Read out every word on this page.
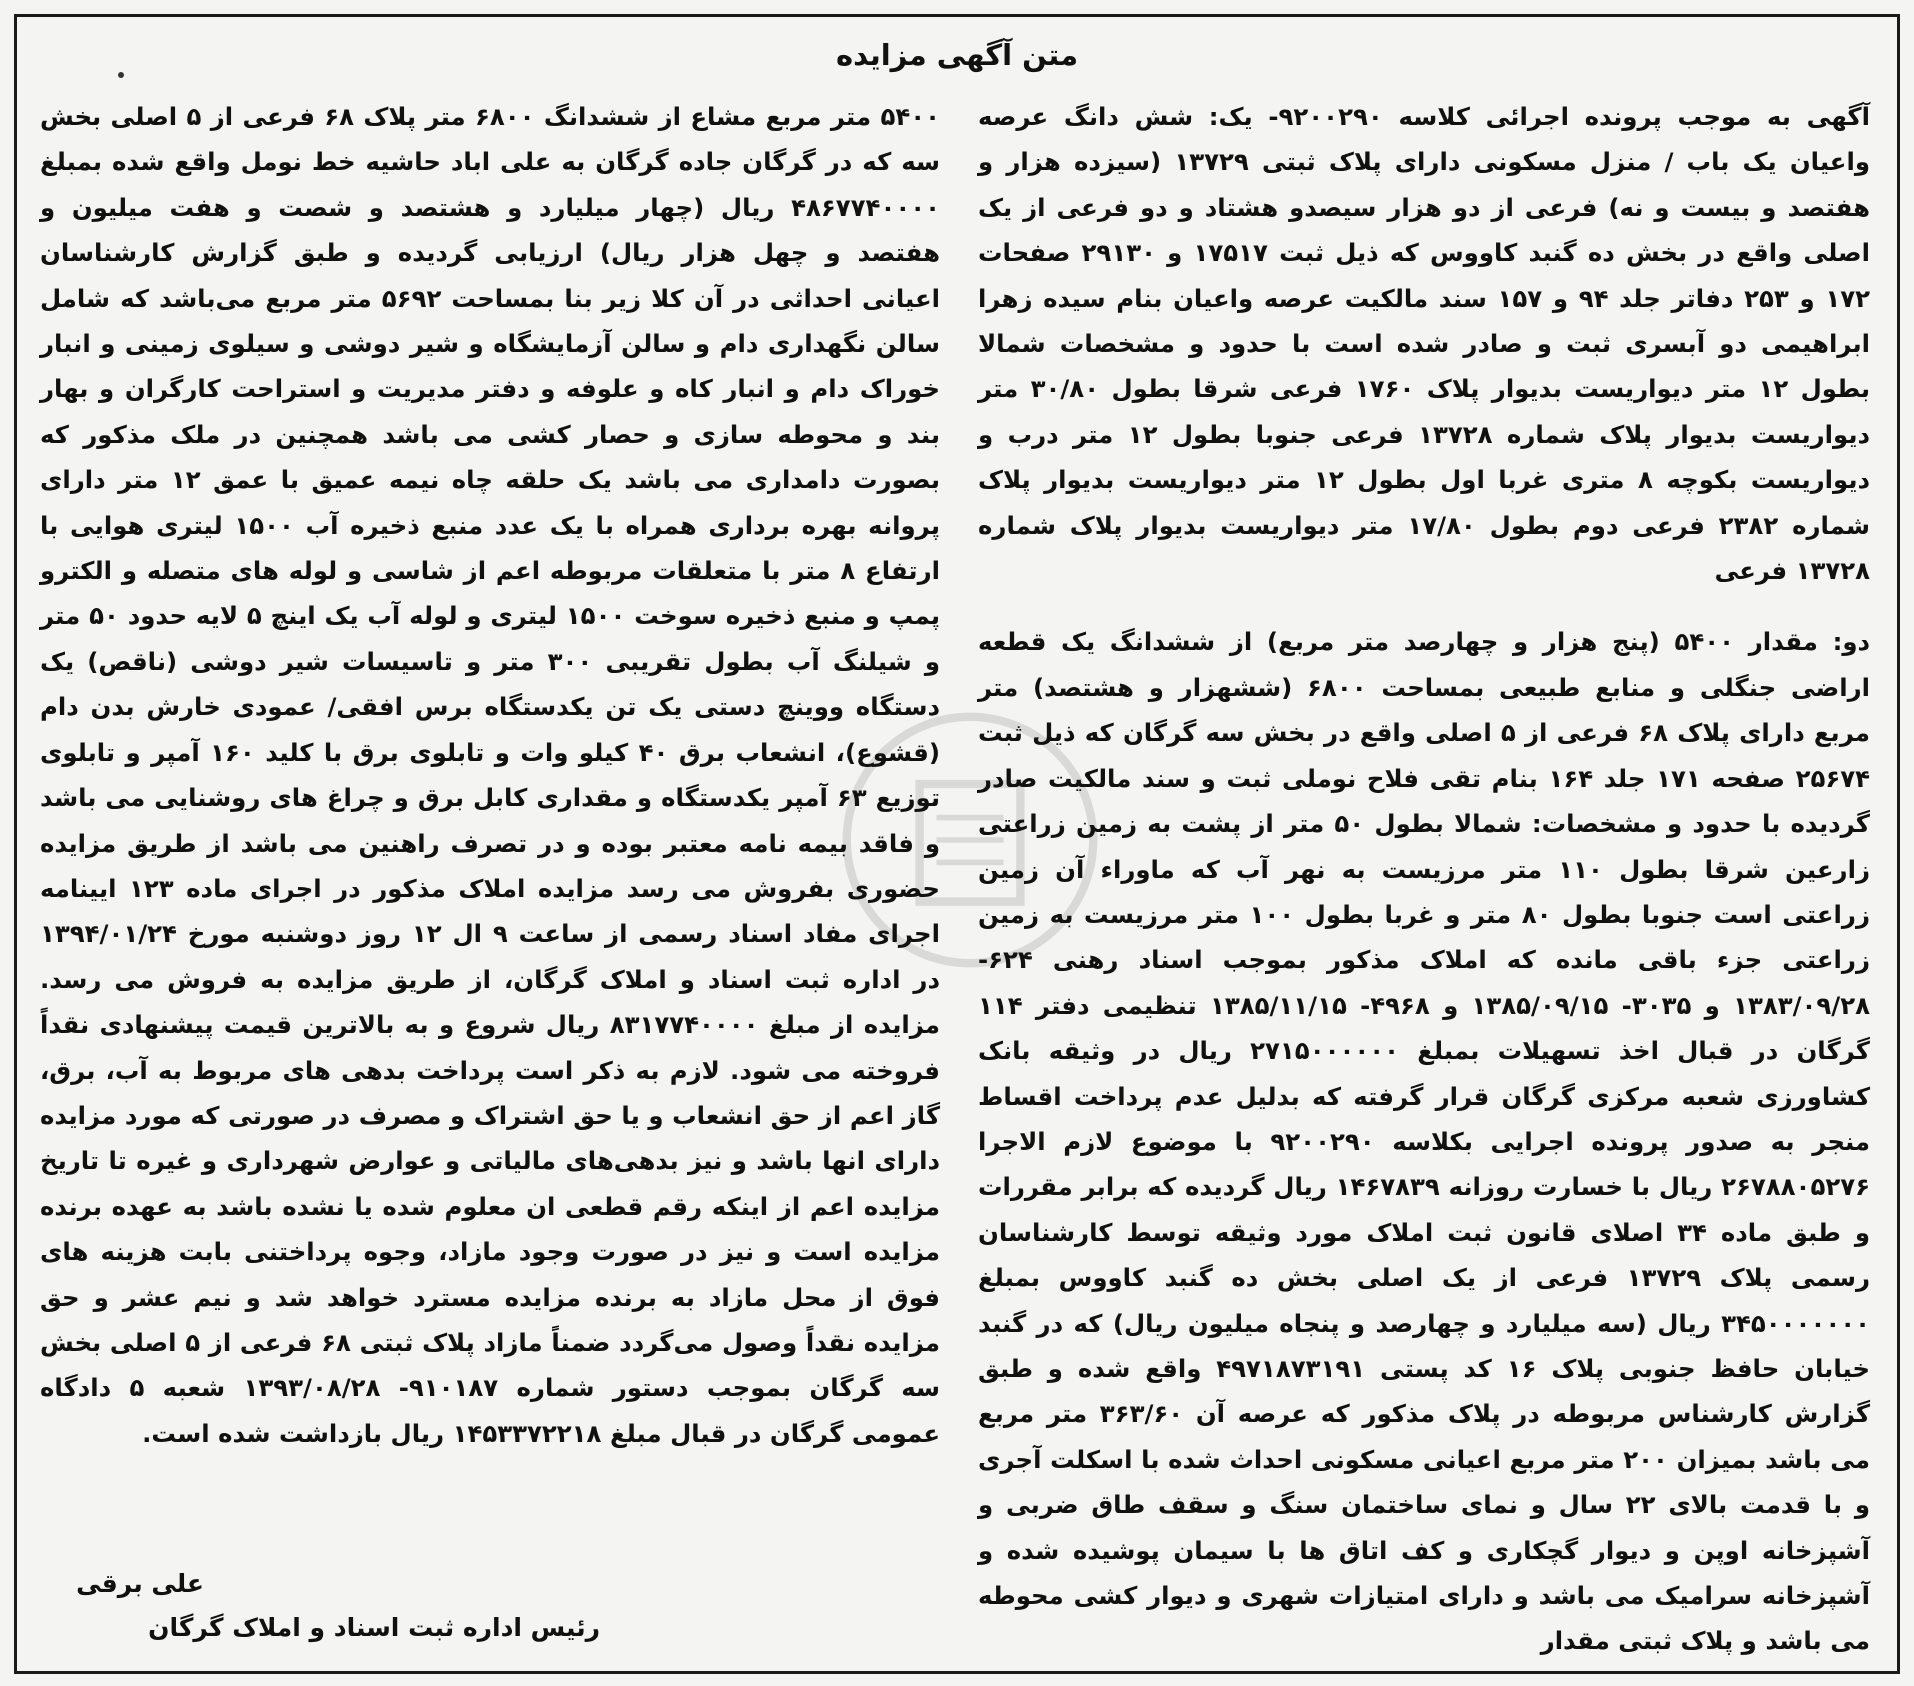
متن آگهی مزایده

آگهی به موجب پرونده اجرائی کلاسه ۹۲۰۰۲۹۰- یک: شش دانگ عرصه واعیان یک باب / منزل مسکونی دارای پلاک ثبتی ۱۳۷۲۹ (سیزده هزار و هفتصد و بیست و نه) فرعی از دو هزار سیصدو هشتاد و دو فرعی از یک اصلی واقع در بخش ده گنبد کاووس که ذیل ثبت ۱۷۵۱۷ و ۲۹۱۳۰ صفحات ۱۷۲ و ۲۵۳ دفاتر جلد ۹۴ و ۱۵۷ سند مالکیت عرصه واعیان بنام سیده زهرا ابراهیمی دو آبسری ثبت و صادر شده است با حدود و مشخصات شمالا بطول ۱۲ متر دیواریست بدیوار پلاک ۱۷۶۰ فرعی شرقا بطول ۳۰/۸۰ متر دیواریست بدیوار پلاک شماره ۱۳۷۲۸ فرعی جنوبا بطول ۱۲ متر درب و دیواریست بکوچه ۸ متری غربا اول بطول ۱۲ متر دیواریست بدیوار پلاک شماره ۲۳۸۲ فرعی دوم بطول ۱۷/۸۰ متر دیواریست بدیوار پلاک شماره ۱۳۷۲۸ فرعی

دو: مقدار ۵۴۰۰ (پنج هزار و چهارصد متر مربع) از ششدانگ یک قطعه اراضی جنگلی و منابع طبیعی بمساحت ۶۸۰۰ (ششهزار و هشتصد) متر مربع دارای پلاک ۶۸ فرعی از ۵ اصلی واقع در بخش سه گرگان که ذیل ثبت ۲۵۶۷۴ صفحه ۱۷۱ جلد ۱۶۴ بنام تقی فلاح نوملی ثبت و سند مالکیت صادر گردیده با حدود و مشخصات: شمالا بطول ۵۰ متر از پشت به زمین زراعتی زارعین شرقا بطول ۱۱۰ متر مرزیست به نهر آب که ماوراء آن زمین زراعتی است جنوبا بطول ۸۰ متر و غربا بطول ۱۰۰ متر مرزیست به زمین زراعتی جزء باقی مانده که املاک مذکور بموجب اسناد رهنی ۶۲۴- ۱۳۸۳/۰۹/۲۸ و ۳۰۳۵- ۱۳۸۵/۰۹/۱۵ و ۴۹۶۸- ۱۳۸۵/۱۱/۱۵ تنظیمی دفتر ۱۱۴ گرگان در قبال اخذ تسهیلات بمبلغ ۲۷۱۵۰۰۰۰۰۰ ریال در وثیقه بانک کشاورزی شعبه مرکزی گرگان قرار گرفته که بدلیل عدم پرداخت اقساط منجر به صدور پرونده اجرایی بکلاسه ۹۲۰۰۲۹۰ با موضوع لازم الاجرا ۲۶۷۸۸۰۵۲۷۶ ریال با خسارت روزانه ۱۴۶۷۸۳۹ ریال گردیده که برابر مقررات و طبق ماده ۳۴ اصلای قانون ثبت املاک مورد وثیقه توسط کارشناسان رسمی پلاک ۱۳۷۲۹ فرعی از یک اصلی بخش ده گنبد کاووس بمبلغ ۳۴۵۰۰۰۰۰۰۰ ریال (سه میلیارد و چهارصد و پنجاه میلیون ریال) که در گنبد خیابان حافظ جنوبی پلاک ۱۶ کد پستی ۴۹۷۱۸۷۳۱۹۱ واقع شده و طبق گزارش کارشناس مربوطه در پلاک مذکور که عرصه آن ۳۶۳/۶۰ متر مربع می باشد بمیزان ۲۰۰ متر مربع اعیانی مسکونی احداث شده با اسکلت آجری و با قدمت بالای ۲۲ سال و نمای ساختمان سنگ و سقف طاق ضربی و آشپزخانه اوپن و دیوار گچکاری و کف اتاق ها با سیمان پوشیده شده و آشپزخانه سرامیک می باشد و دارای امتیازات شهری و دیوار کشی محوطه می باشد و پلاک ثبتی مقدار

۵۴۰۰ متر مربع مشاع از ششدانگ ۶۸۰۰ متر پلاک ۶۸ فرعی از ۵ اصلی بخش سه که در گرگان جاده گرگان به علی اباد حاشیه خط نومل واقع شده بمبلغ ۴۸۶۷۷۴۰۰۰۰ ریال (چهار میلیارد و هشتصد و شصت و هفت میلیون و هفتصد و چهل هزار ریال) ارزیابی گردیده و طبق گزارش کارشناسان اعیانی احداثی در آن کلا زیر بنا بمساحت ۵۶۹۲ متر مربع می‌باشد که شامل سالن نگهداری دام و سالن آزمایشگاه و شیر دوشی و سیلوی زمینی و انبار خوراک دام و انبار کاه و علوفه و دفتر مدیریت و استراحت کارگران و بهار بند و محوطه سازی و حصار کشی می باشد همچنین در ملک مذکور که بصورت دامداری می باشد یک حلقه چاه نیمه عمیق با عمق ۱۲ متر دارای پروانه بهره برداری همراه با یک عدد منبع ذخیره آب ۱۵۰۰ لیتری هوایی با ارتفاع ۸ متر با متعلقات مربوطه اعم از شاسی و لوله های متصله و الکترو پمپ و منبع ذخیره سوخت ۱۵۰۰ لیتری و لوله آب یک اینچ ۵ لایه حدود ۵۰ متر و شیلنگ آب بطول تقریبی ۳۰۰ متر و تاسیسات شیر دوشی (ناقص) یک دستگاه ووینچ دستی یک تن یکدستگاه برس افقی/ عمودی خارش بدن دام (قشوع)، انشعاب برق ۴۰ کیلو وات و تابلوی برق با کلید ۱۶۰ آمپر و تابلوی توزیع ۶۳ آمپر یکدستگاه و مقداری کابل برق و چراغ های روشنایی می باشد و فاقد بیمه نامه معتبر بوده و در تصرف راهنین می باشد از طریق مزایده حضوری بفروش می رسد مزایده املاک مذکور در اجرای ماده ۱۲۳ ایینامه اجرای مفاد اسناد رسمی از ساعت ۹ ال ۱۲ روز دوشنبه مورخ ۱۳۹۴/۰۱/۲۴ در اداره ثبت اسناد و املاک گرگان، از طریق مزایده به فروش می رسد. مزایده از مبلغ ۸۳۱۷۷۴۰۰۰۰ ریال شروع و به بالاترین قیمت پیشنهادی نقداً فروخته می شود. لازم به ذکر است پرداخت بدهی های مربوط به آب، برق، گاز اعم از حق انشعاب و یا حق اشتراک و مصرف در صورتی که مورد مزایده دارای انها باشد و نیز بدهی‌های مالیاتی و عوارض شهرداری و غیره تا تاریخ مزایده اعم از اینکه رقم قطعی ان معلوم شده یا نشده باشد به عهده برنده مزایده است و نیز در صورت وجود مازاد، وجوه پرداختنی بابت هزینه های فوق از محل مازاد به برنده مزایده مسترد خواهد شد و نیم عشر و حق مزایده نقداً وصول می‌گردد ضمناً مازاد پلاک ثبتی ۶۸ فرعی از ۵ اصلی بخش سه گرگان بموجب دستور شماره ۹۱۰۱۸۷- ۱۳۹۳/۰۸/۲۸ شعبه ۵ دادگاه عمومی گرگان در قبال مبلغ ۱۴۵۳۳۷۲۲۱۸ ریال بازداشت شده است.

علی برقی
رئیس اداره ثبت اسناد و املاک گرگان
